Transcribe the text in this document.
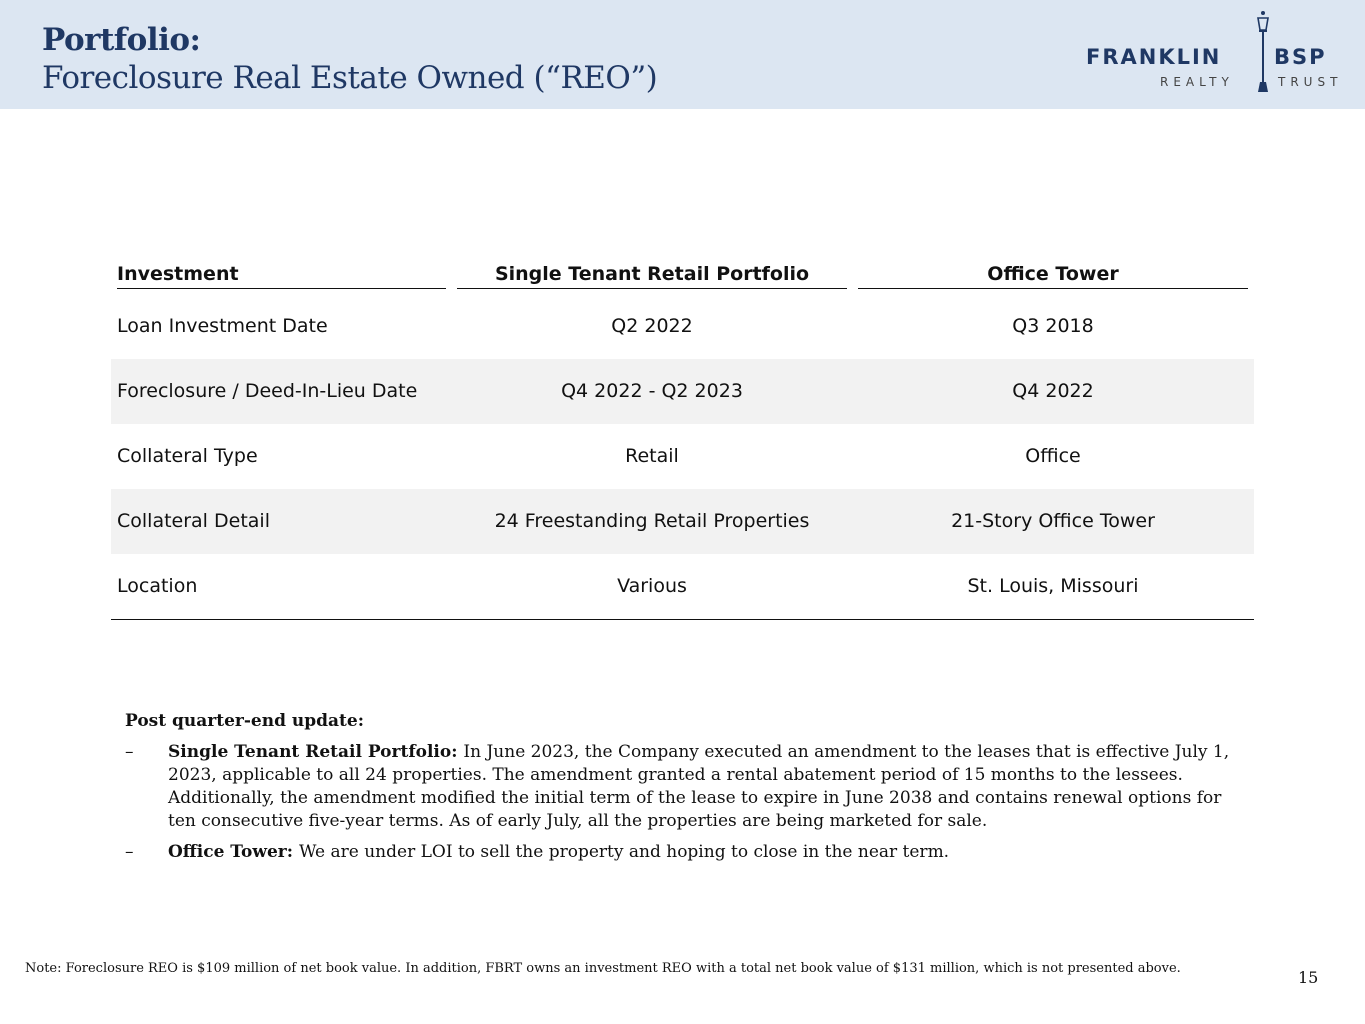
Portfolio:
Foreclosure Real Estate Owned (“REO”)
FRANKLIN	BSP
REALTY	TRUST
Investment	Single Tenant Retail Portfolio	Office Tower
Loan Investment Date	Q2 2022	Q3 2018
Foreclosure / Deed-In-Lieu Date	Q4 2022 - Q2 2023	Q4 2022
Collateral Type	Retail	Office
Collateral Detail	24 Freestanding Retail Properties	21-Story Office Tower
Location	Various	St. Louis, Missouri
Post quarter-end update:
– Single Tenant Retail Portfolio: In June 2023, the Company executed an amendment to the leases that is effective July 1, 2023, applicable to all 24 properties. The amendment granted a rental abatement period of 15 months to the lessees. Additionally, the amendment modified the initial term of the lease to expire in June 2038 and contains renewal options for ten consecutive five-year terms. As of early July, all the properties are being marketed for sale.
– Office Tower: We are under LOI to sell the property and hoping to close in the near term.
Note: Foreclosure REO is $109 million of net book value. In addition, FBRT owns an investment REO with a total net book value of $131 million, which is not presented above.	15
